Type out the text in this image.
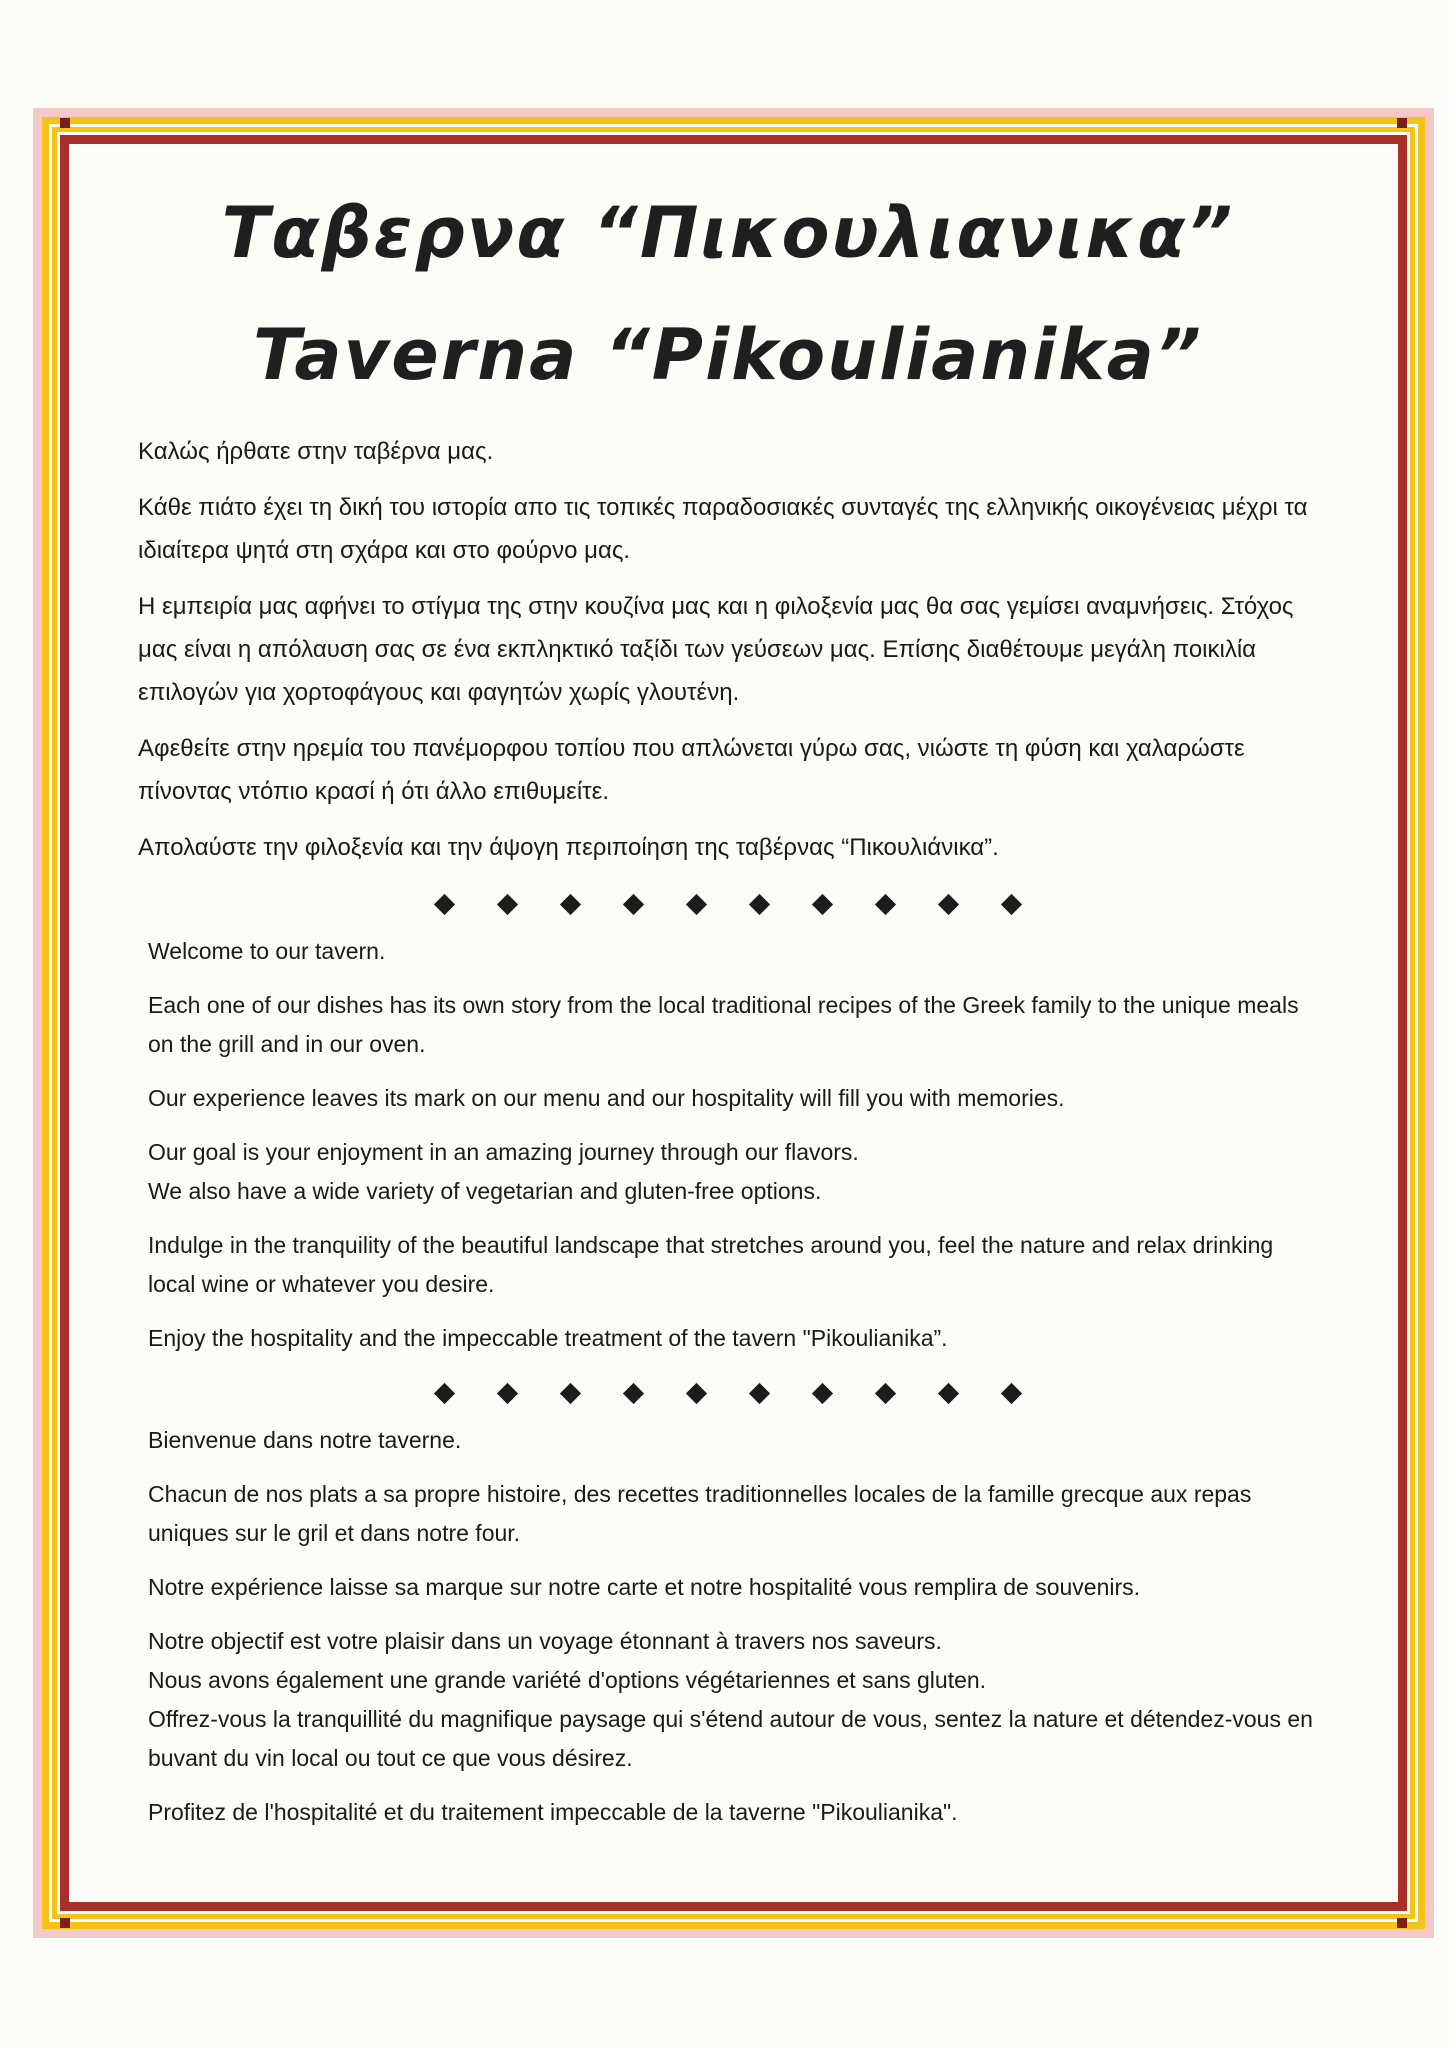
Ταβερνα “Πικουλιανικα”
Taverna “Pikoulianika”

Καλώς ήρθατε στην ταβέρνα μας.

Κάθε πιάτο έχει τη δική του ιστορία απο τις τοπικές παραδοσιακές συνταγές της ελληνικής οικογένειας μέχρι τα ιδιαίτερα ψητά στη σχάρα και στο φούρνο μας.

Η εμπειρία μας αφήνει το στίγμα της στην κουζίνα μας και η φιλοξενία μας θα σας γεμίσει αναμνήσεις. Στόχος μας είναι η απόλαυση σας σε ένα εκπληκτικό ταξίδι των γεύσεων μας. Επίσης διαθέτουμε μεγάλη ποικιλία επιλογών για χορτοφάγους και φαγητών χωρίς γλουτένη.

Αφεθείτε στην ηρεμία του πανέμορφου τοπίου που απλώνεται γύρω σας, νιώστε τη φύση και χαλαρώστε πίνοντας ντόπιο κρασί ή ότι άλλο επιθυμείτε.

Απολαύστε την φιλοξενία και την άψογη περιποίηση της ταβέρνας “Πικουλιάνικα”.

Welcome to our tavern.

Each one of our dishes has its own story from the local traditional recipes of the Greek family to the unique meals on the grill and in our oven.

Our experience leaves its mark on our menu and our hospitality will fill you with memories.

Our goal is your enjoyment in an amazing journey through our flavors.

We also have a wide variety of vegetarian and gluten-free options.

Indulge in the tranquility of the beautiful landscape that stretches around you, feel the nature and relax drinking local wine or whatever you desire.

Enjoy the hospitality and the impeccable treatment of the tavern "Pikoulianika”.

Bienvenue dans notre taverne.

Chacun de nos plats a sa propre histoire, des recettes traditionnelles locales de la famille grecque aux repas uniques sur le gril et dans notre four.

Notre expérience laisse sa marque sur notre carte et notre hospitalité vous remplira de souvenirs.

Notre objectif est votre plaisir dans un voyage étonnant à travers nos saveurs.

Nous avons également une grande variété d'options végétariennes et sans gluten.

Offrez-vous la tranquillité du magnifique paysage qui s'étend autour de vous, sentez la nature et détendez-vous en buvant du vin local ou tout ce que vous désirez.

Profitez de l'hospitalité et du traitement impeccable de la taverne "Pikoulianika".
